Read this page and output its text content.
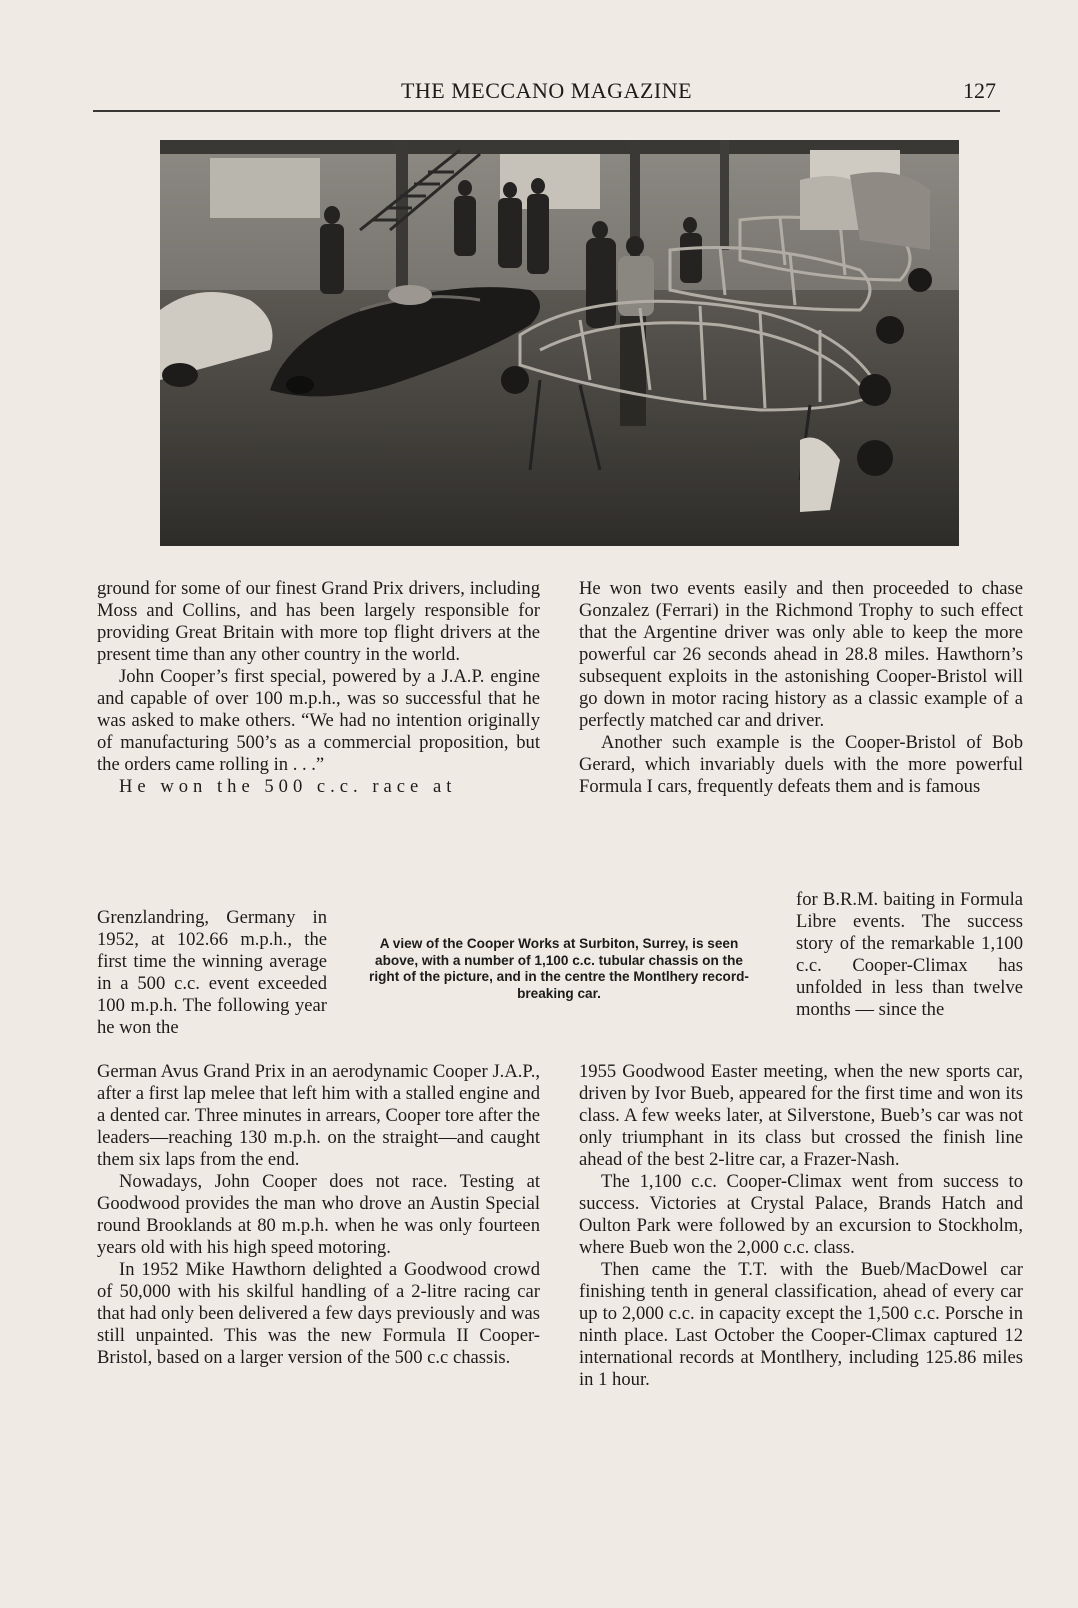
THE MECCANO MAGAZINE	127

ground for some of our finest Grand Prix drivers, including Moss and Collins, and has been largely responsible for providing Great Britain with more top flight drivers at the present time than any other country in the world.

John Cooper’s first special, powered by a J.A.P. engine and capable of over 100 m.p.h., was so successful that he was asked to make others. “We had no intention originally of manufacturing 500’s as a commercial proposition, but the orders came rolling in . . .”

He won the 500 c.c. race at

Grenzlandring, Germany in 1952, at 102.66 m.p.h., the first time the winning average in a 500 c.c. event exceeded 100 m.p.h. The following year he won the

A view of the Cooper Works at Surbiton, Surrey, is seen above, with a number of 1,100 c.c. tubular chassis on the right of the picture, and in the centre the Montlhery record-breaking car.

He won two events easily and then proceeded to chase Gonzalez (Ferrari) in the Richmond Trophy to such effect that the Argentine driver was only able to keep the more powerful car 26 seconds ahead in 28.8 miles. Hawthorn’s subsequent exploits in the astonishing Cooper-Bristol will go down in motor racing history as a classic example of a perfectly matched car and driver.

Another such example is the Cooper-Bristol of Bob Gerard, which invariably duels with the more powerful Formula I cars, frequently defeats them and is famous

for B.R.M. baiting in Formula Libre events. The success story of the remarkable 1,100 c.c. Cooper-Climax has unfolded in less than twelve months — since the

German Avus Grand Prix in an aerodynamic Cooper J.A.P., after a first lap melee that left him with a stalled engine and a dented car. Three minutes in arrears, Cooper tore after the leaders—reaching 130 m.p.h. on the straight—and caught them six laps from the end.

Nowadays, John Cooper does not race. Testing at Goodwood provides the man who drove an Austin Special round Brooklands at 80 m.p.h. when he was only fourteen years old with his high speed motoring.

In 1952 Mike Hawthorn delighted a Goodwood crowd of 50,000 with his skilful handling of a 2-litre racing car that had only been delivered a few days previously and was still unpainted. This was the new Formula II Cooper-Bristol, based on a larger version of the 500 c.c chassis.

1955 Goodwood Easter meeting, when the new sports car, driven by Ivor Bueb, appeared for the first time and won its class. A few weeks later, at Silverstone, Bueb’s car was not only triumphant in its class but crossed the finish line ahead of the best 2-litre car, a Frazer-Nash.

The 1,100 c.c. Cooper-Climax went from success to success. Victories at Crystal Palace, Brands Hatch and Oulton Park were followed by an excursion to Stockholm, where Bueb won the 2,000 c.c. class.

Then came the T.T. with the Bueb/MacDowel car finishing tenth in general classification, ahead of every car up to 2,000 c.c. in capacity except the 1,500 c.c. Porsche in ninth place. Last October the Cooper-Climax captured 12 international records at Montlhery, including 125.86 miles in 1 hour.
